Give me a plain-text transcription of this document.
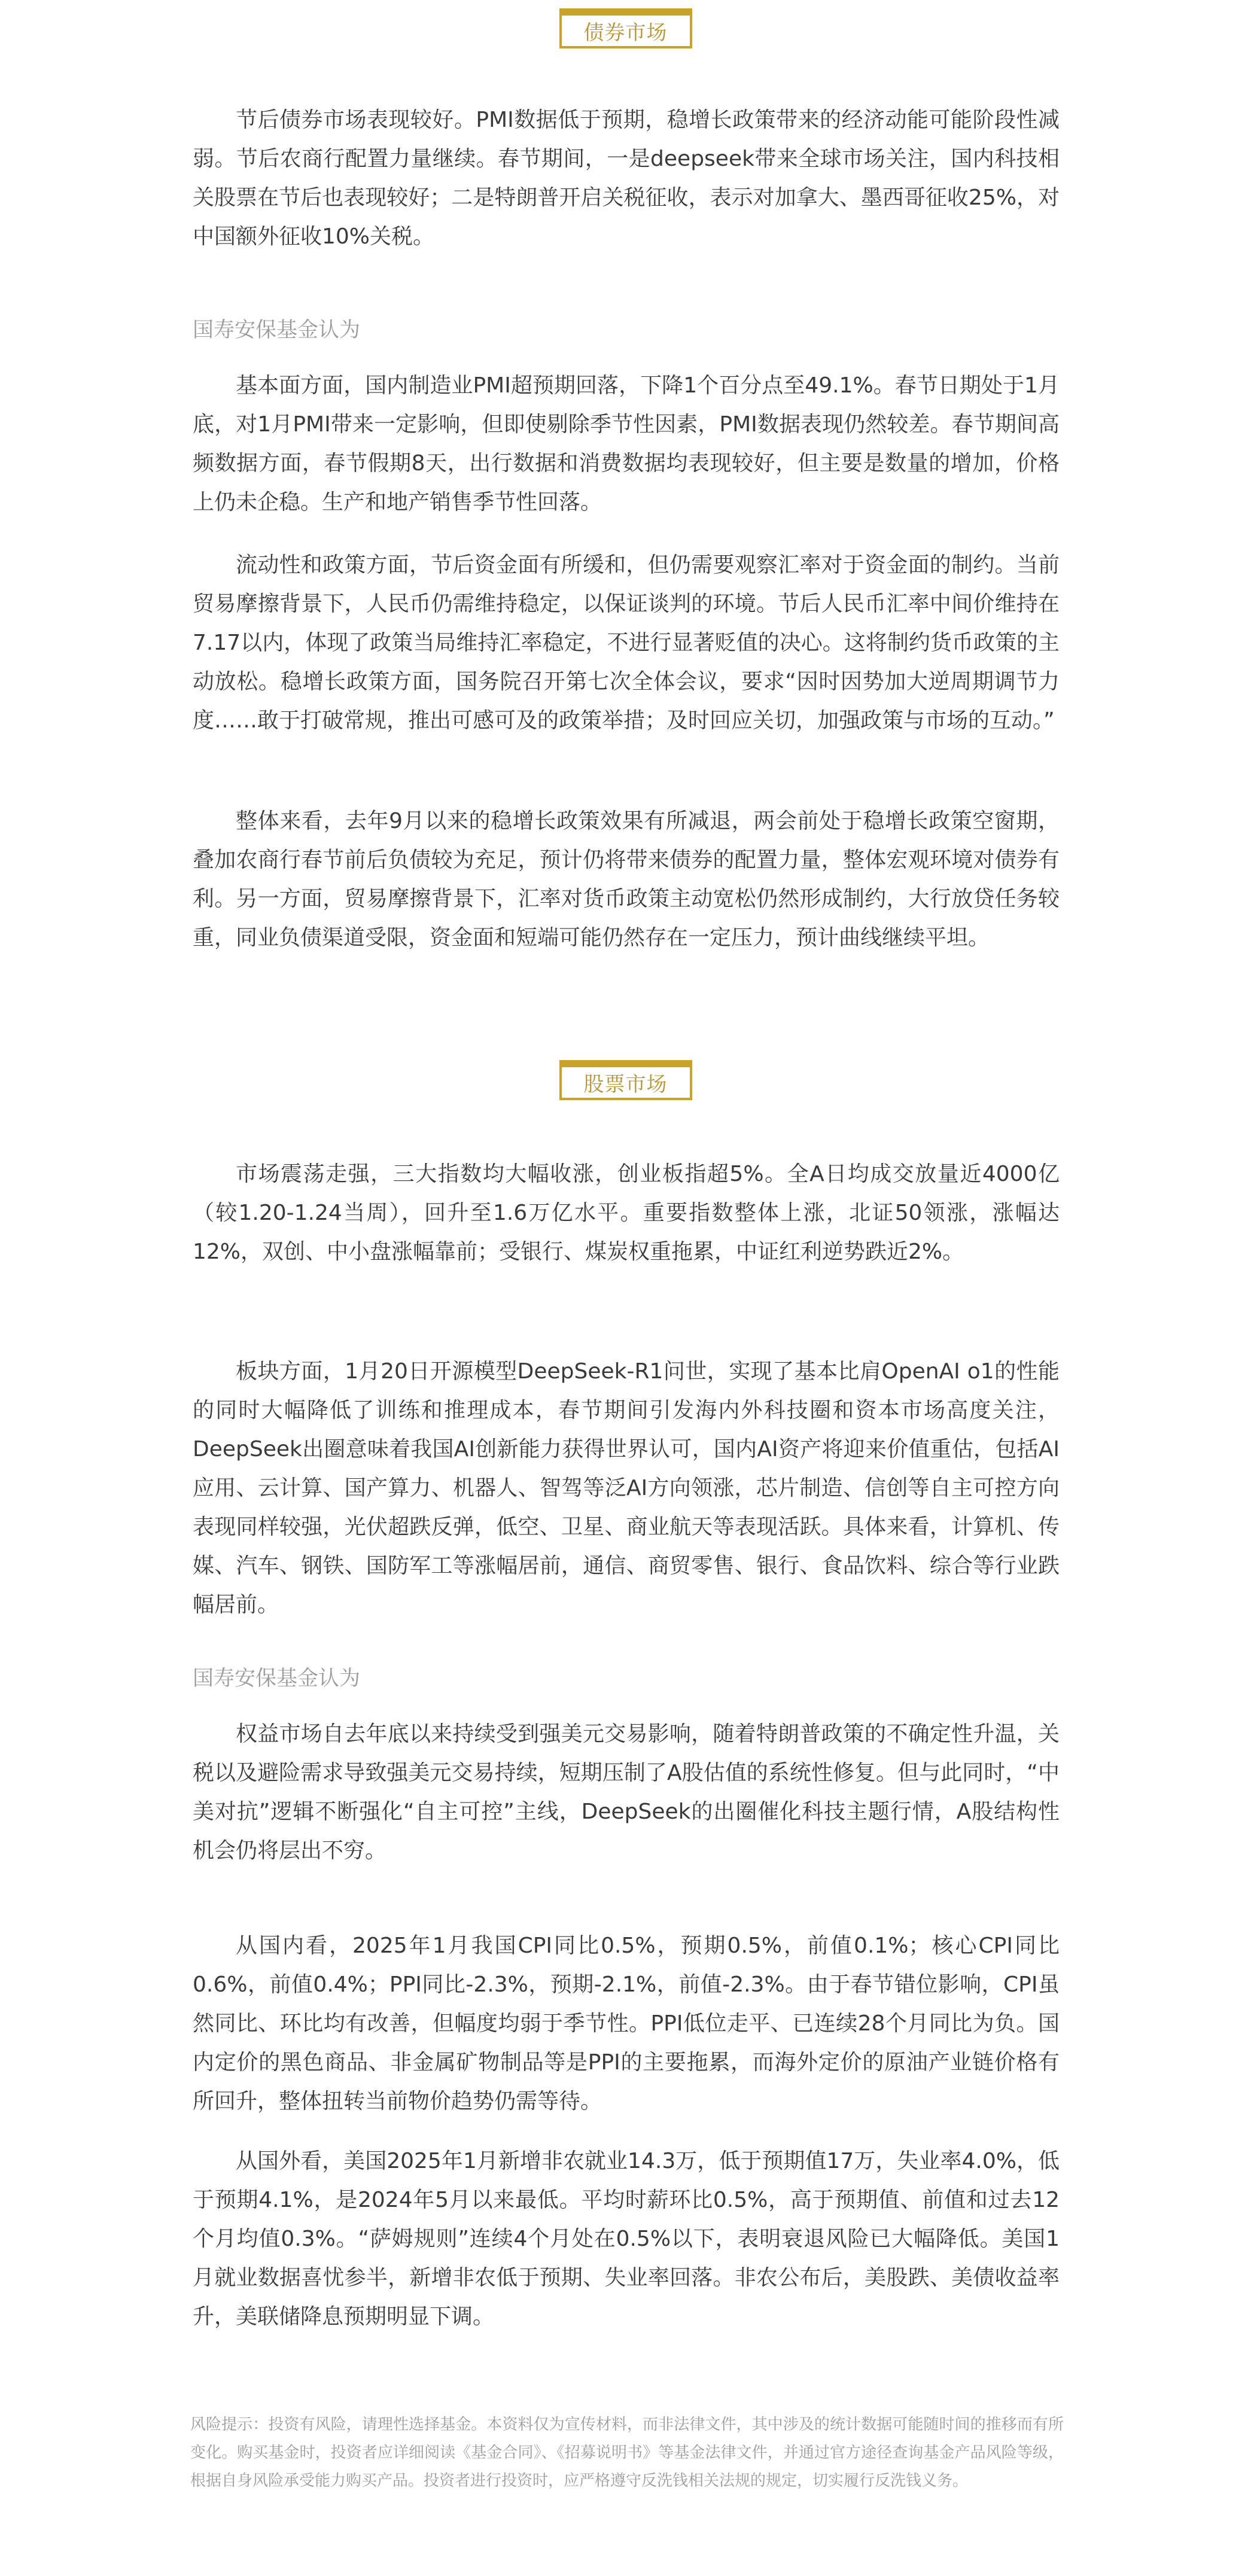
债券市场

节后债券市场表现较好。PMI数据低于预期，稳增长政策带来的经济动能可能阶段性减弱。节后农商行配置力量继续。春节期间，一是deepseek带来全球市场关注，国内科技相关股票在节后也表现较好；二是特朗普开启关税征收，表示对加拿大、墨西哥征收25%，对中国额外征收10%关税。

国寿安保基金认为

基本面方面，国内制造业PMI超预期回落，下降1个百分点至49.1%。春节日期处于1月底，对1月PMI带来一定影响，但即使剔除季节性因素，PMI数据表现仍然较差。春节期间高频数据方面，春节假期8天，出行数据和消费数据均表现较好，但主要是数量的增加，价格上仍未企稳。生产和地产销售季节性回落。

流动性和政策方面，节后资金面有所缓和，但仍需要观察汇率对于资金面的制约。当前贸易摩擦背景下，人民币仍需维持稳定，以保证谈判的环境。节后人民币汇率中间价维持在7.17以内，体现了政策当局维持汇率稳定，不进行显著贬值的决心。这将制约货币政策的主动放松。稳增长政策方面，国务院召开第七次全体会议，要求“因时因势加大逆周期调节力度……敢于打破常规，推出可感可及的政策举措；及时回应关切，加强政策与市场的互动。”

整体来看，去年9月以来的稳增长政策效果有所减退，两会前处于稳增长政策空窗期，叠加农商行春节前后负债较为充足，预计仍将带来债券的配置力量，整体宏观环境对债券有利。另一方面，贸易摩擦背景下，汇率对货币政策主动宽松仍然形成制约，大行放贷任务较重，同业负债渠道受限，资金面和短端可能仍然存在一定压力，预计曲线继续平坦。

股票市场

市场震荡走强，三大指数均大幅收涨，创业板指超5%。全A日均成交放量近4000亿（较1.20-1.24当周），回升至1.6万亿水平。重要指数整体上涨，北证50领涨，涨幅达12%，双创、中小盘涨幅靠前；受银行、煤炭权重拖累，中证红利逆势跌近2%。

板块方面，1月20日开源模型DeepSeek-R1问世，实现了基本比肩OpenAI o1的性能的同时大幅降低了训练和推理成本，春节期间引发海内外科技圈和资本市场高度关注，DeepSeek出圈意味着我国AI创新能力获得世界认可，国内AI资产将迎来价值重估，包括AI应用、云计算、国产算力、机器人、智驾等泛AI方向领涨，芯片制造、信创等自主可控方向表现同样较强，光伏超跌反弹，低空、卫星、商业航天等表现活跃。具体来看，计算机、传媒、汽车、钢铁、国防军工等涨幅居前，通信、商贸零售、银行、食品饮料、综合等行业跌幅居前。

国寿安保基金认为

权益市场自去年底以来持续受到强美元交易影响，随着特朗普政策的不确定性升温，关税以及避险需求导致强美元交易持续，短期压制了A股估值的系统性修复。但与此同时，“中美对抗”逻辑不断强化“自主可控”主线，DeepSeek的出圈催化科技主题行情，A股结构性机会仍将层出不穷。

从国内看，2025年1月我国CPI同比0.5%，预期0.5%，前值0.1%；核心CPI同比0.6%，前值0.4%；PPI同比-2.3%，预期-2.1%，前值-2.3%。由于春节错位影响，CPI虽然同比、环比均有改善，但幅度均弱于季节性。PPI低位走平、已连续28个月同比为负。国内定价的黑色商品、非金属矿物制品等是PPI的主要拖累，而海外定价的原油产业链价格有所回升，整体扭转当前物价趋势仍需等待。

从国外看，美国2025年1月新增非农就业14.3万，低于预期值17万，失业率4.0%，低于预期4.1%，是2024年5月以来最低。平均时薪环比0.5%，高于预期值、前值和过去12个月均值0.3%。“萨姆规则”连续4个月处在0.5%以下，表明衰退风险已大幅降低。美国1月就业数据喜忧参半，新增非农低于预期、失业率回落。非农公布后，美股跌、美债收益率升，美联储降息预期明显下调。

风险提示：投资有风险，请理性选择基金。本资料仅为宣传材料，而非法律文件，其中涉及的统计数据可能随时间的推移而有所变化。购买基金时，投资者应详细阅读《基金合同》、《招募说明书》等基金法律文件，并通过官方途径查询基金产品风险等级，根据自身风险承受能力购买产品。投资者进行投资时，应严格遵守反洗钱相关法规的规定，切实履行反洗钱义务。
